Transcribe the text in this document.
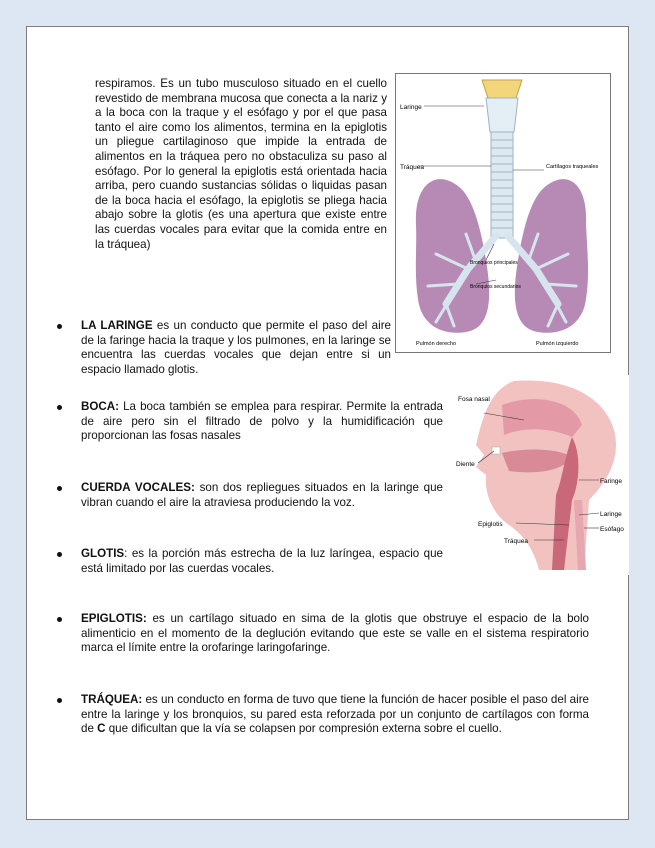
respiramos. Es un tubo musculoso situado en el cuello revestido de membrana mucosa que conecta a la nariz y a la boca con la traque y el esófago y por el que pasa tanto el aire como los alimentos, termina en la epiglotis un pliegue cartilaginoso que impide la entrada de alimentos en la tráquea pero no obstaculiza su paso al esófago. Por lo general la epiglotis está orientada hacia arriba, pero cuando sustancias sólidas o liquidas pasan de la boca hacia el esófago, la epiglotis se pliega hacia abajo sobre la glotis (es una apertura que existe entre las cuerdas vocales para evitar que la comida entre en la tráquea)
LA LARINGE es un conducto que permite el paso del aire de la faringe hacia la traque y los pulmones, en la laringe se encuentra las cuerdas vocales que dejan entre si un espacio llamado glotis.
BOCA: La boca también se emplea para respirar. Permite la entrada de aire pero sin el filtrado de polvo y la humidificación que proporcionan las fosas nasales
CUERDA VOCALES: son dos repliegues situados en la laringe que vibran cuando el aire la atraviesa produciendo la voz.
GLOTIS: es la porción más estrecha de la luz laríngea, espacio que está limitado por las cuerdas vocales.
EPIGLOTIS: es un cartílago situado en sima de la glotis que obstruye el espacio de la bolo alimenticio en el momento de la deglución evitando que este se valle en el sistema respiratorio marca el límite entre la orofaringe laringofaringe.
TRÁQUEA: es un conducto en forma de tuvo que tiene la función de hacer posible el paso del aire entre la laringe y los bronquios, su pared esta reforzada por un conjunto de cartílagos con forma de C que dificultan que la vía se colapsen por compresión externa sobre el cuello.
Laringe
Tráquea	Cartílagos traqueales
Bronquios principales
Bronquios secundarios
Pulmón derecho	Pulmón izquierdo
Fosa nasal
Diente
Faringe
Laringe
Epiglotis
Esófago
Tráquea
